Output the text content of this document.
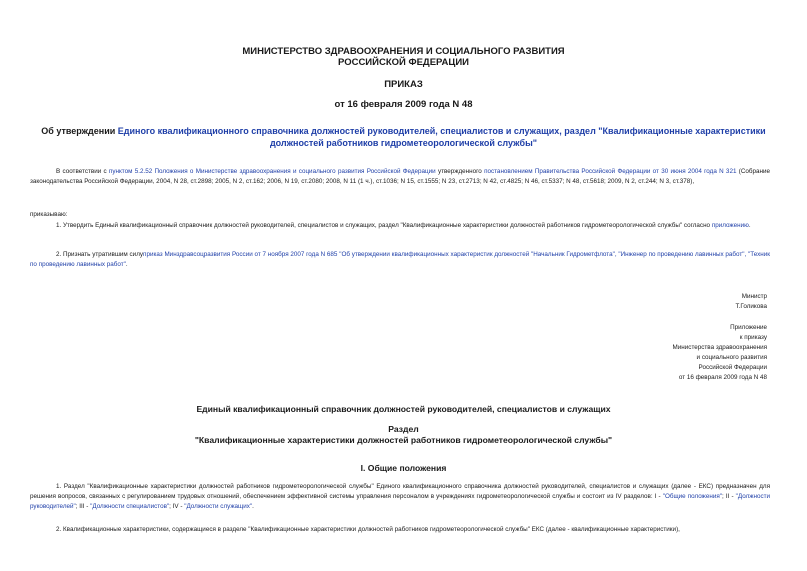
МИНИСТЕРСТВО ЗДРАВООХРАНЕНИЯ И СОЦИАЛЬНОГО РАЗВИТИЯ
РОССИЙСКОЙ ФЕДЕРАЦИИ
ПРИКАЗ
от 16 февраля 2009 года N 48
Об утверждении Единого квалификационного справочника должностей руководителей, специалистов и служащих, раздел "Квалификационные характеристики должностей работников гидрометеорологической службы"
В соответствии с пунктом 5.2.52 Положения о Министерстве здравоохранения и социального развития Российской Федерации утвержденного постановлением Правительства Российской Федерации от 30 июня 2004 года N 321 (Собрание законодательства Российской Федерации, 2004, N 28, ст.2898; 2005, N 2, ст.162; 2006, N 19, ст.2080; 2008, N 11 (1 ч.), ст.1036; N 15, ст.1555; N 23, ст.2713; N 42, ст.4825; N 46, ст.5337; N 48, ст.5618; 2009, N 2, ст.244; N 3, ст.378),
приказываю:
1. Утвердить Единый квалификационный справочник должностей руководителей, специалистов и служащих, раздел "Квалификационные характеристики должностей работников гидрометеорологической службы" согласно приложению.
2. Признать утратившим силуприказ Минздравсоцразвития России от 7 ноября 2007 года N 685 "Об утверждении квалификационных характеристик должностей "Начальник Гидрометфлота", "Инженер по проведению лавинных работ", "Техник по проведению лавинных работ".
Министр
Т.Голикова
Приложение
к приказу
Министерства здравоохранения
и социального развития
Российской Федерации
от 16 февраля 2009 года N 48
Единый квалификационный справочник должностей руководителей, специалистов и служащих
Раздел
"Квалификационные характеристики должностей работников гидрометеорологической службы"
I. Общие положения
1. Раздел "Квалификационные характеристики должностей работников гидрометеорологической службы" Единого квалификационного справочника должностей руководителей, специалистов и служащих (далее - ЕКС) предназначен для решения вопросов, связанных с регулированием трудовых отношений, обеспечением эффективной системы управления персоналом в учреждениях гидрометеорологической службы и состоит из IV разделов: I - "Общие положения"; II - "Должности руководителей"; III - "Должности специалистов"; IV - "Должности служащих".
2. Квалификационные характеристики, содержащиеся в разделе "Квалификационные характеристики должностей работников гидрометеорологической службы" ЕКС (далее - квалификационные характеристики),
